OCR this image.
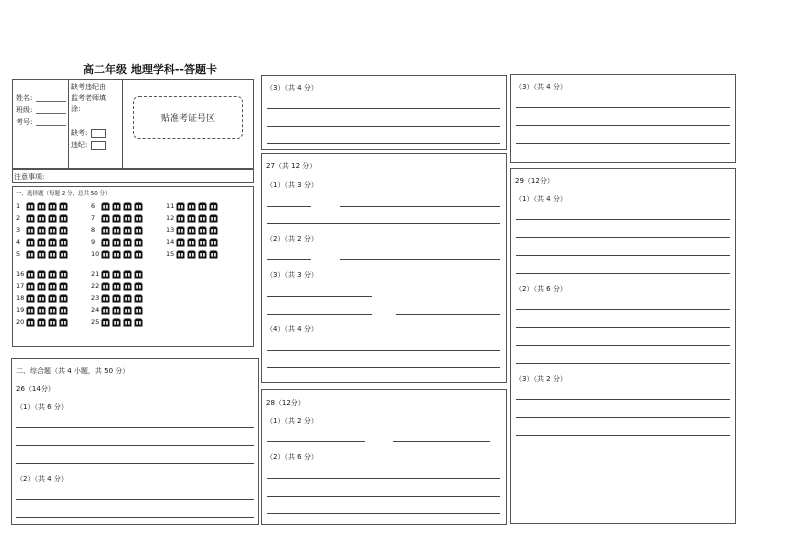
高二年级 地理学科--答题卡
姓名:
班级:
考号:
缺考违纪由
监考老师填
涂:
缺考:
违纪:
贴准考证号区
注意事项:
一、选择题（每题 2 分，总共 50 分）
1
2
3
4
5
6
7
8
9
10
11
12
13
14
15
16
17
18
19
20
21
22
23
24
25
二、综合题（共 4 小题，共 50 分）
26（14分）
（1）（共 6 分）
（2）（共 4 分）
（3）（共 4 分）
27（共 12 分）
（1）（共 3 分）
（2）（共 2 分）
（3）（共 3 分）
（4）（共 4 分）
28（12分）
（1）（共 2 分）
（2）（共 6 分）
（3）（共 4 分）
29（12分）
（1）（共 4 分）
（2）（共 6 分）
（3）（共 2 分）
